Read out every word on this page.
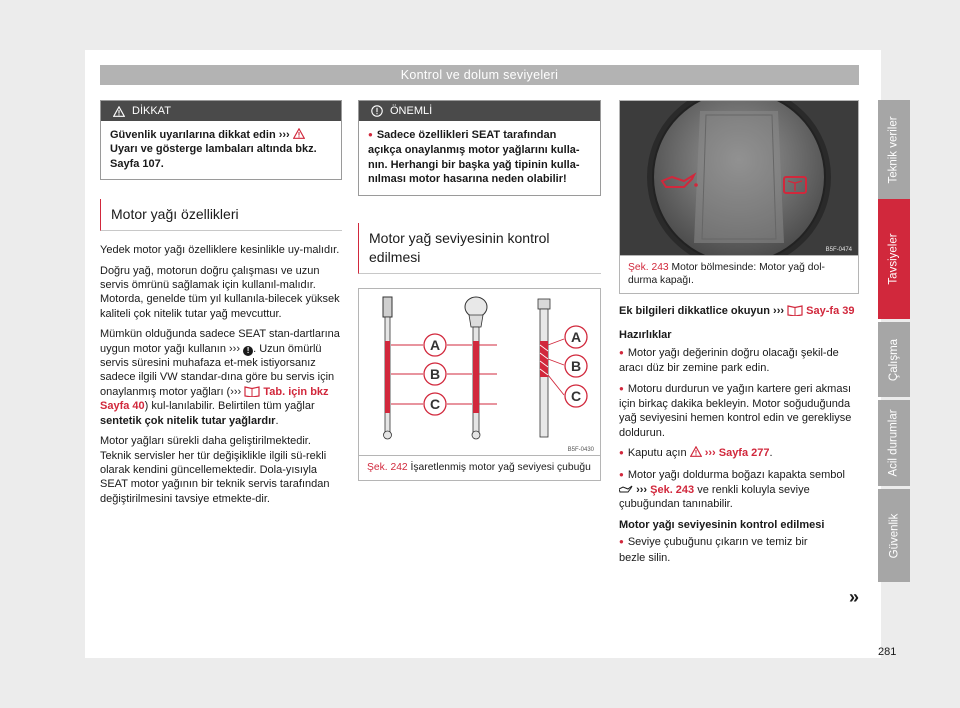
Kontrol ve dolum seviyeleri
DİKKAT
Güvenlik uyarılarına dikkat edin ›››  Uyarı ve gösterge lambaları altında bkz. Sayfa 107.
Motor yağı özellikleri

Yedek motor yağı özelliklere kesinlikle uy-malıdır.

Doğru yağ, motorun doğru çalışması ve uzun servis ömrünü sağlamak için kullanıl-malıdır. Motorda, genelde tüm yıl kullanıla-bilecek yüksek kaliteli çok nitelik tutar yağ mevcuttur.

Mümkün olduğunda sadece SEAT stan-dartlarına uygun motor yağı kullanın ››› ! . Uzun ömürlü servis süresini muhafaza et-mek istiyorsanız sadece ilgili VW standar-dına göre bu servis için onaylanmış motor yağları (››› Tab. için bkz Sayfa 40) kul-lanılabilir. Belirtilen tüm yağlar sentetik çok nitelik tutar yağlardır.

Motor yağları sürekli daha geliştirilmektedir. Teknik servisler her tür değişiklikle ilgili sü-rekli olarak kendini güncellemektedir. Dola-yısıyla SEAT motor yağının bir teknik servis tarafından değiştirilmesini tavsiye etmekte-dir.

ÖNEMLİ
● Sadece özellikleri SEAT tarafından açıkça onaylanmış motor yağlarını kulla-nın. Herhangi bir başka yağ tipinin kulla-nılması motor hasarına neden olabilir!
Motor yağ seviyesinin kontrol edilmesi
A
B
C
A
B
C
B5F-0430
Şek. 242 İşaretlenmiş motor yağ seviyesi çubuğu
B5F-0474
Şek. 243 Motor bölmesinde: Motor yağ dol-durma kapağı.

Ek bilgileri dikkatlice okuyun ››› Say-fa 39

Hazırlıklar

● Motor yağı değerinin doğru olacağı şekil-de aracı düz bir zemine park edin.

● Motoru durdurun ve yağın kartere geri akması için birkaç dakika bekleyin. Motor soğuduğunda yağ seviyesini hemen kontrol edin ve gerekliyse doldurun.

● Kaputu açın ››› Sayfa 277.

● Motor yağı doldurma boğazı kapakta sembol  ››› Şek. 243 ve renkli koluyla seviye çubuğundan tanınabilir.

Motor yağı seviyesinin kontrol edilmesi

● Seviye çubuğunu çıkarın ve temiz bir bezle silin.

»
Teknik veriler
Tavsiyeler
Çalışma
Acil durumlar
Güvenlik
281
